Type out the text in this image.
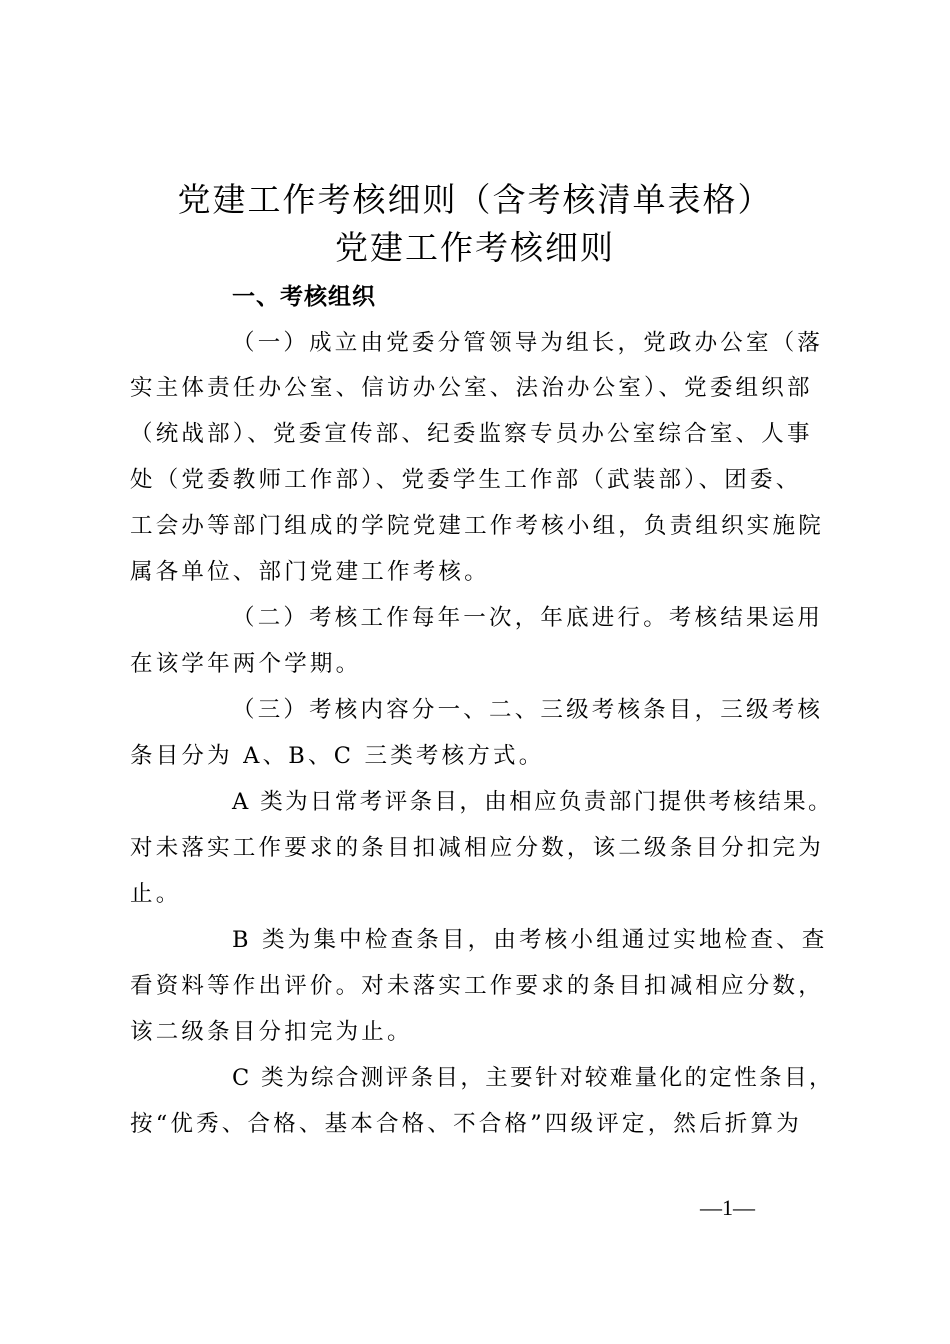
党建工作考核细则（含考核清单表格）
党建工作考核细则
一、考核组织
（一）成立由党委分管领导为组长，党政办公室（落
实主体责任办公室、信访办公室、法治办公室）、党委组织部
（统战部）、党委宣传部、纪委监察专员办公室综合室、人事
处（党委教师工作部）、党委学生工作部（武装部）、团委、
工会办等部门组成的学院党建工作考核小组，负责组织实施院
属各单位、部门党建工作考核。
（二）考核工作每年一次，年底进行。考核结果运用
在该学年两个学期。
（三）考核内容分一、二、三级考核条目，三级考核
条目分为 A、B、C 三类考核方式。
A 类为日常考评条目，由相应负责部门提供考核结果。
对未落实工作要求的条目扣减相应分数，该二级条目分扣完为
止。
B 类为集中检查条目，由考核小组通过实地检查、查
看资料等作出评价。对未落实工作要求的条目扣减相应分数，
该二级条目分扣完为止。
C 类为综合测评条目，主要针对较难量化的定性条目，
按“优秀、合格、基本合格、不合格”四级评定，然后折算为
—1—
